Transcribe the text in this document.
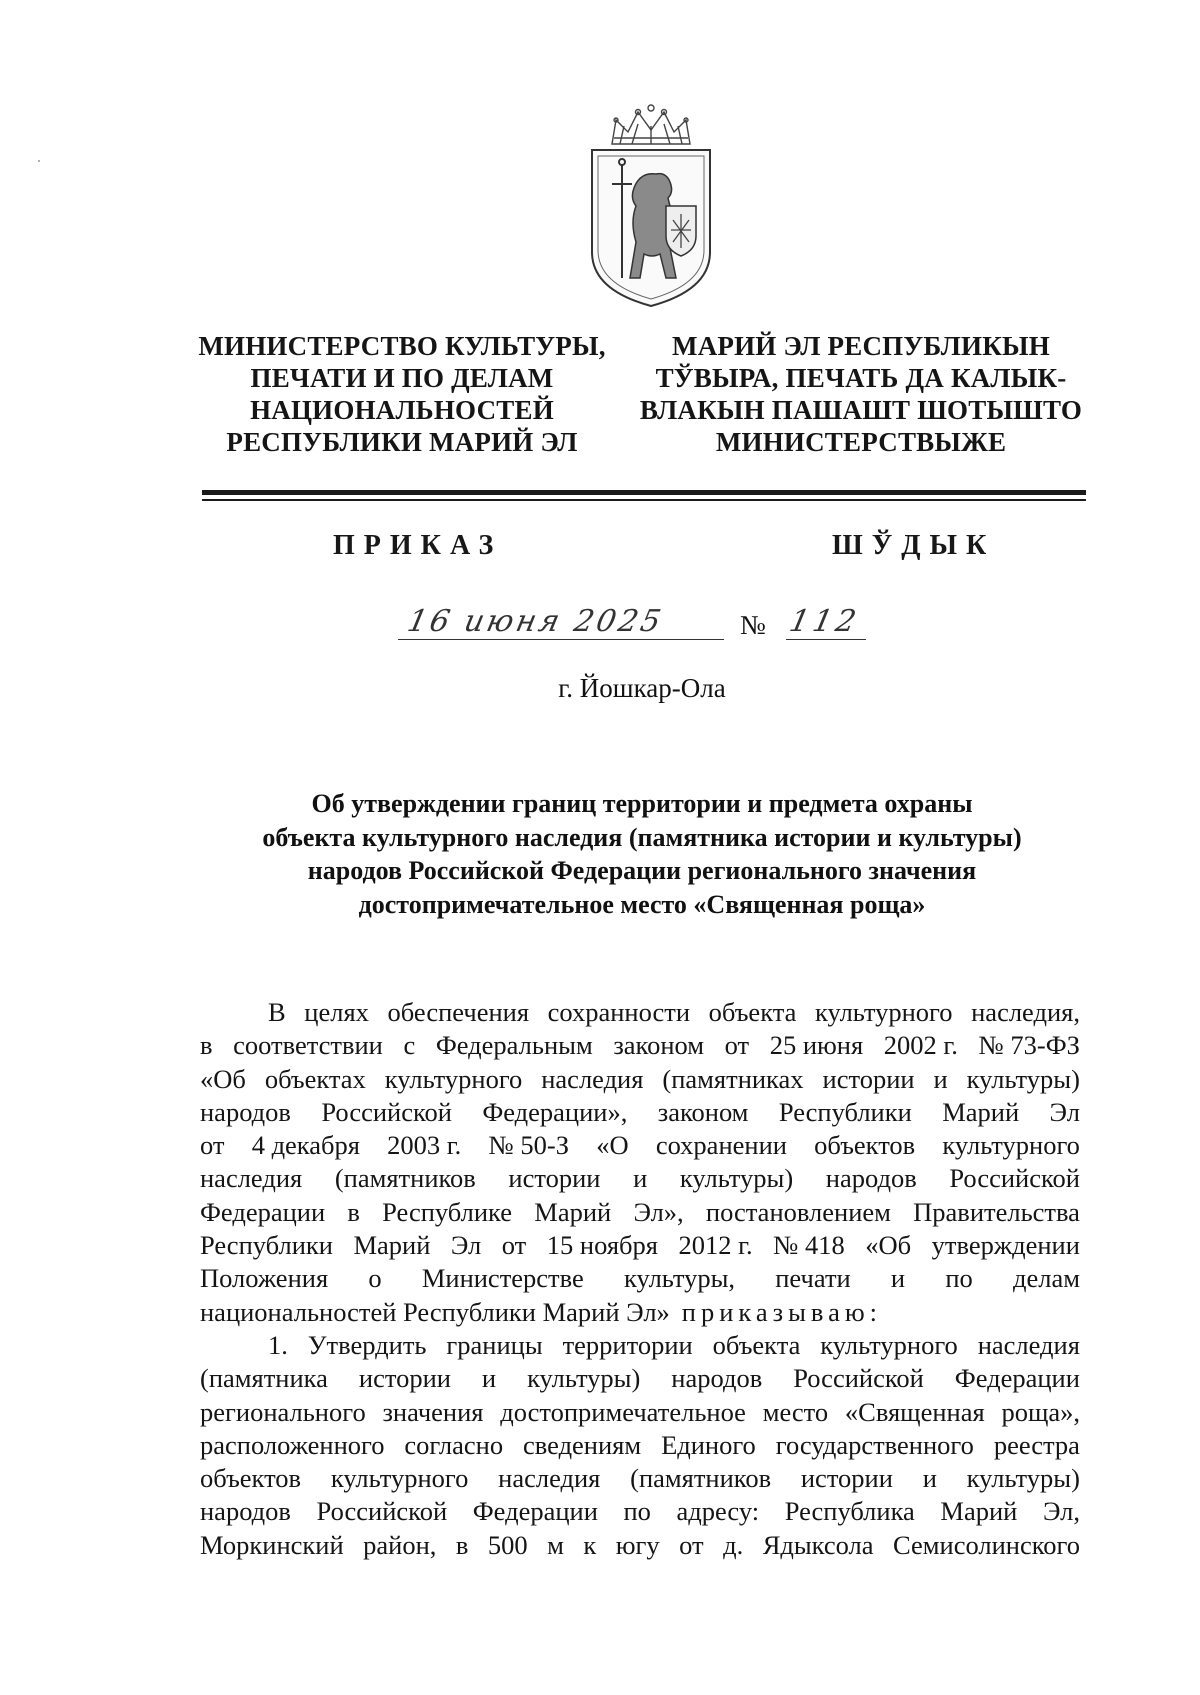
МИНИСТЕРСТВО КУЛЬТУРЫ,
ПЕЧАТИ И ПО ДЕЛАМ
НАЦИОНАЛЬНОСТЕЙ
РЕСПУБЛИКИ МАРИЙ ЭЛ
МАРИЙ ЭЛ РЕСПУБЛИКЫН
ТЎВЫРА, ПЕЧАТЬ ДА КАЛЫК-
ВЛАКЫН ПАШАШТ ШОТЫШТО
МИНИСТЕРСТВЫЖЕ
ПРИКАЗ	ШЎДЫК
16 июня 2025	№ 112
г. Йошкар-Ола
Об утверждении границ территории и предмета охраны
объекта культурного наследия (памятника истории и культуры)
народов Российской Федерации регионального значения
достопримечательное место «Священная роща»
В целях обеспечения сохранности объекта культурного наследия,
в соответствии с Федеральным законом от 25 июня 2002 г. № 73-ФЗ
«Об объектах культурного наследия (памятниках истории и культуры)
народов Российской Федерации», законом Республики Марий Эл
от 4 декабря 2003 г. № 50-З «О сохранении объектов культурного
наследия (памятников истории и культуры) народов Российской
Федерации в Республике Марий Эл», постановлением Правительства
Республики Марий Эл от 15 ноября 2012 г. № 418 «Об утверждении
Положения о Министерстве культуры, печати и по делам
национальностей Республики Марий Эл» приказываю:
1. Утвердить границы территории объекта культурного наследия
(памятника истории и культуры) народов Российской Федерации
регионального значения достопримечательное место «Священная роща»,
расположенного согласно сведениям Единого государственного реестра
объектов культурного наследия (памятников истории и культуры)
народов Российской Федерации по адресу: Республика Марий Эл,
Моркинский район, в 500 м к югу от д. Ядыксола Семисолинского
